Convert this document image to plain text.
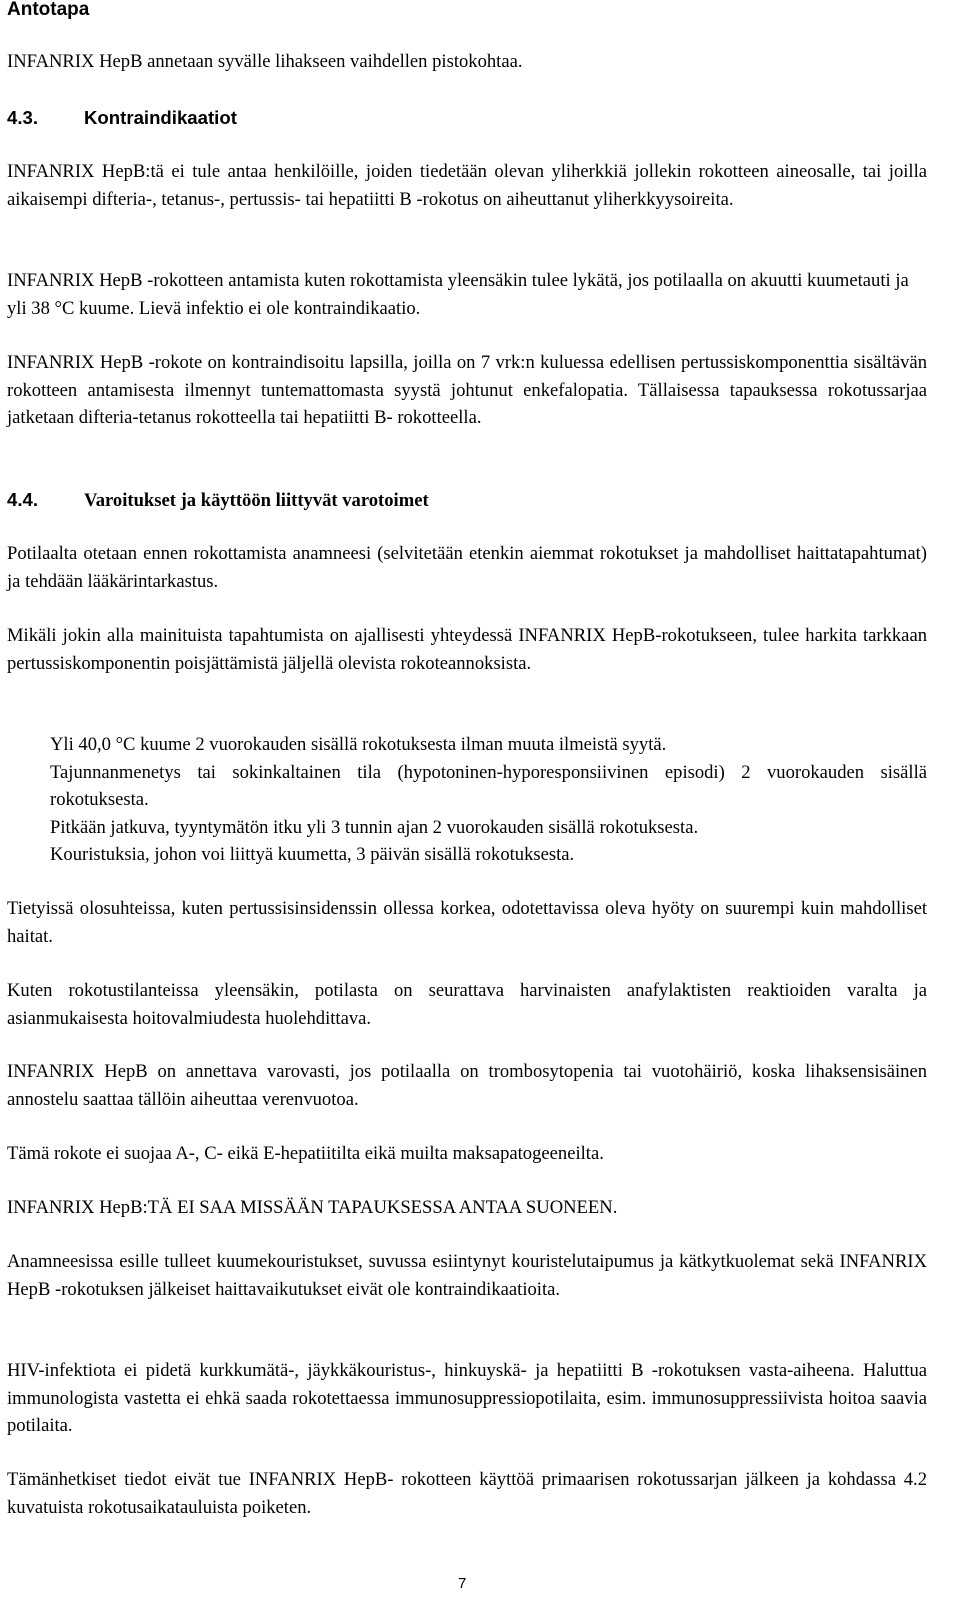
Antotapa

INFANRIX HepB annetaan syvälle lihakseen vaihdellen pistokohtaa.

4.3. Kontraindikaatiot

INFANRIX HepB:tä ei tule antaa henkilöille, joiden tiedetään olevan yliherkkiä jollekin rokotteen aineosalle, tai joilla aikaisempi difteria-, tetanus-, pertussis- tai hepatiitti B -rokotus on aiheuttanut yliherkkyysoireita.

INFANRIX HepB -rokotteen antamista kuten rokottamista yleensäkin tulee lykätä, jos potilaalla on akuutti kuumetauti ja yli 38 °C kuume. Lievä infektio ei ole kontraindikaatio.

INFANRIX HepB -rokote on kontraindisoitu lapsilla, joilla on 7 vrk:n kuluessa edellisen pertussiskomponenttia sisältävän rokotteen antamisesta ilmennyt tuntemattomasta syystä johtunut enkefalopatia. Tällaisessa tapauksessa rokotussarjaa jatketaan difteria-tetanus rokotteella tai hepatiitti B- rokotteella.

4.4. Varoitukset ja käyttöön liittyvät varotoimet

Potilaalta otetaan ennen rokottamista anamneesi (selvitetään etenkin aiemmat rokotukset ja mahdolliset haittatapahtumat) ja tehdään lääkärintarkastus.

Mikäli jokin alla mainituista tapahtumista on ajallisesti yhteydessä INFANRIX HepB-rokotukseen, tulee harkita tarkkaan pertussiskomponentin poisjättämistä jäljellä olevista rokoteannoksista.

Yli 40,0 °C kuume 2 vuorokauden sisällä rokotuksesta ilman muuta ilmeistä syytä.
Tajunnanmenetys tai sokinkaltainen tila (hypotoninen-hyporesponsiivinen episodi) 2 vuorokauden sisällä rokotuksesta.
Pitkään jatkuva, tyyntymätön itku yli 3 tunnin ajan 2 vuorokauden sisällä rokotuksesta.
Kouristuksia, johon voi liittyä kuumetta, 3 päivän sisällä rokotuksesta.

Tietyissä olosuhteissa, kuten pertussisinsidenssin ollessa korkea, odotettavissa oleva hyöty on suurempi kuin mahdolliset haitat.

Kuten rokotustilanteissa yleensäkin, potilasta on seurattava harvinaisten anafylaktisten reaktioiden varalta ja asianmukaisesta hoitovalmiudesta huolehdittava.

INFANRIX HepB on annettava varovasti, jos potilaalla on trombosytopenia tai vuotohäiriö, koska lihaksensisäinen annostelu saattaa tällöin aiheuttaa verenvuotoa.

Tämä rokote ei suojaa A-, C- eikä E-hepatiitilta eikä muilta maksapatogeeneilta.

INFANRIX HepB:TÄ EI SAA MISSÄÄN TAPAUKSESSA ANTAA SUONEEN.

Anamneesissa esille tulleet kuumekouristukset, suvussa esiintynyt kouristelutaipumus ja kätkytkuolemat sekä INFANRIX HepB -rokotuksen jälkeiset haittavaikutukset eivät ole kontraindikaatioita.

HIV-infektiota ei pidetä kurkkumätä-, jäykkäkouristus-, hinkuyskä- ja hepatiitti B -rokotuksen vasta-aiheena. Haluttua immunologista vastetta ei ehkä saada rokotettaessa immunosuppressiopotilaita, esim. immunosuppressiivista hoitoa saavia potilaita.

Tämänhetkiset tiedot eivät tue INFANRIX HepB- rokotteen käyttöä primaarisen rokotussarjan jälkeen ja kohdassa 4.2 kuvatuista rokotusaikatauluista poiketen.

7
